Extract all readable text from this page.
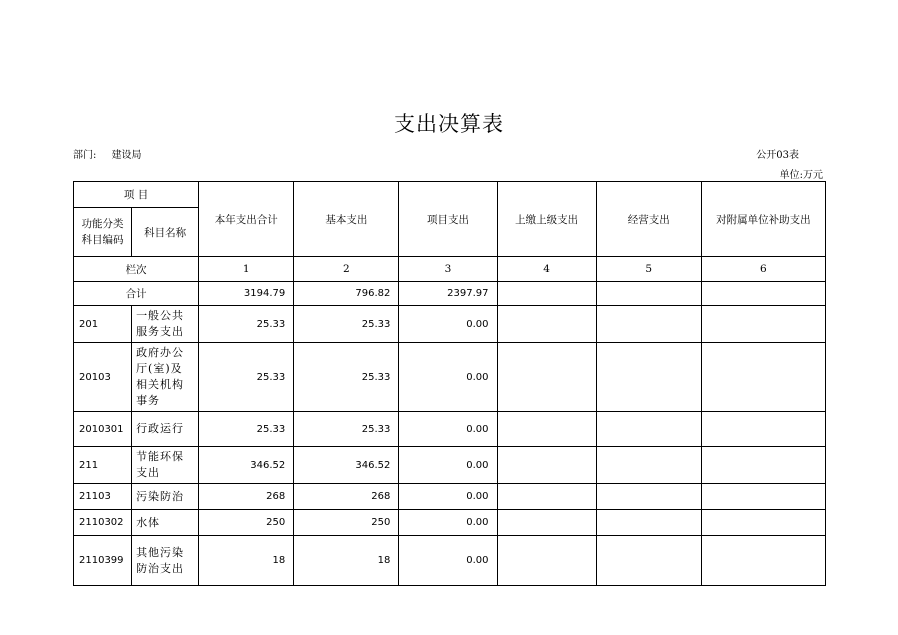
支出决算表
部门: 建设局	公开03表
单位:万元
项 目		本年支出合计	基本支出	项目支出	上缴上级支出	经营支出	对附属单位补助支出
功能分类科目编码	科目名称						
栏次		1	2	3	4	5	6
合计		3194.79	796.82	2397.97			
201	一般公共服务支出	25.33	25.33	0.00			
20103	政府办公厅(室)及相关机构事务	25.33	25.33	0.00			
2010301	行政运行	25.33	25.33	0.00			
211	节能环保支出	346.52	346.52	0.00			
21103	污染防治	268	268	0.00			
2110302	水体	250	250	0.00			
2110399	其他污染防治支出	18	18	0.00			
